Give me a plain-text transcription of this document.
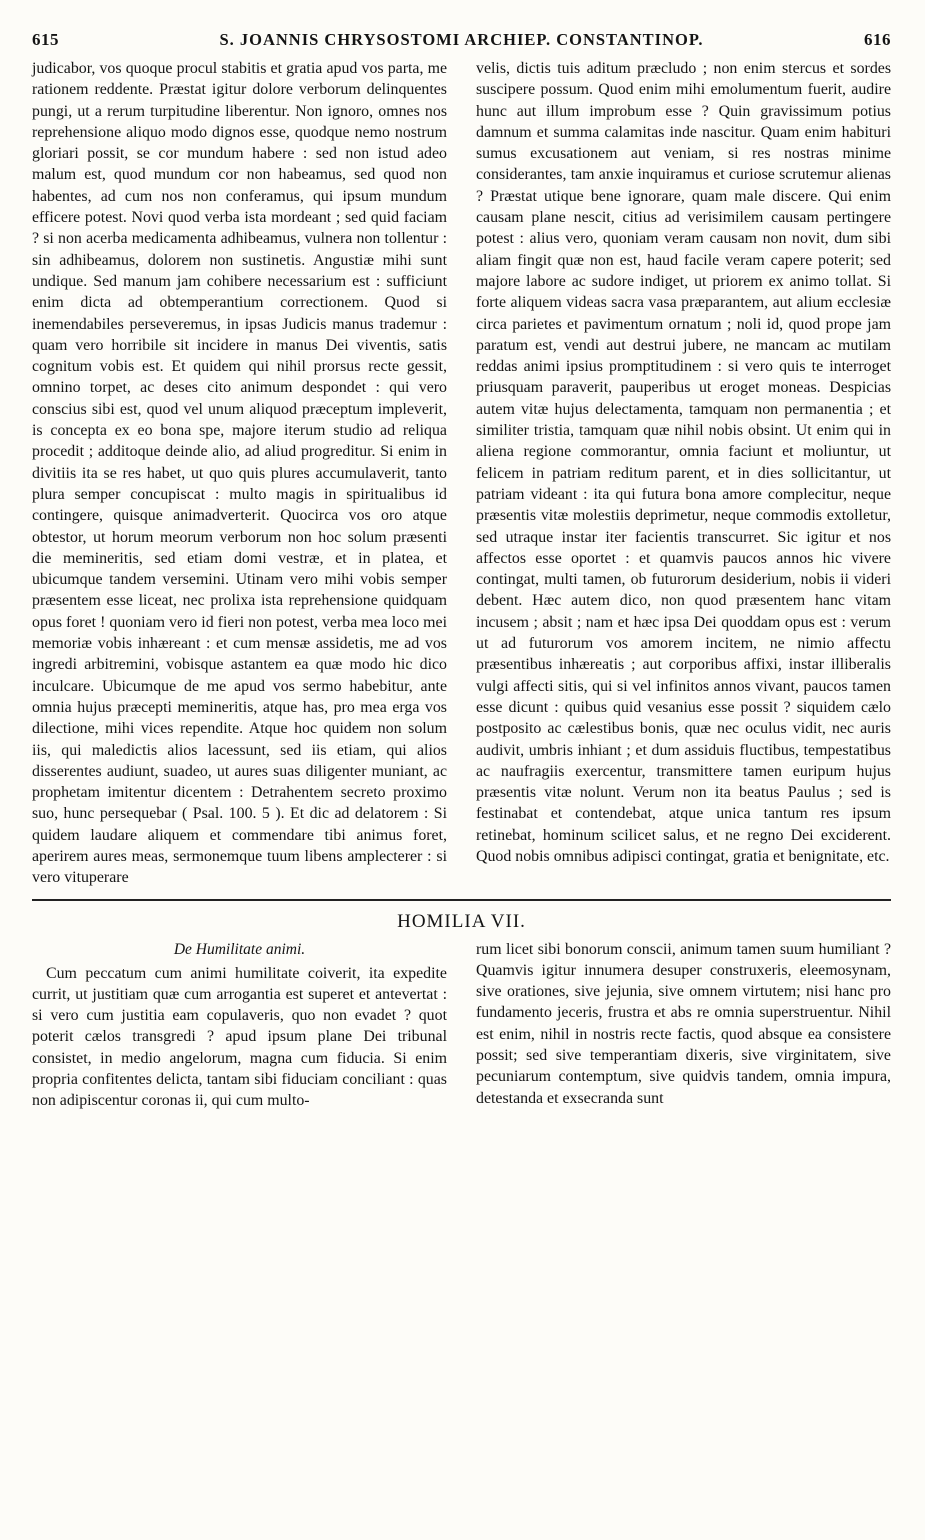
615	S. JOANNIS CHRYSOSTOMI ARCHIEP. CONSTANTINOP.	616

judicabor, vos quoque procul stabitis et gratia apud vos parta, me rationem reddente. Præstat igitur dolore verborum delinquentes pungi, ut a rerum turpitudine liberentur. Non ignoro, omnes nos reprehensione aliquo modo dignos esse, quodque nemo nostrum gloriari possit, se cor mundum habere : sed non istud adeo malum est, quod mundum cor non habeamus, sed quod non habentes, ad cum nos non conferamus, qui ipsum mundum efficere potest. Novi quod verba ista mordeant ; sed quid faciam ? si non acerba medicamenta adhibeamus, vulnera non tollentur : sin adhibeamus, dolorem non sustinetis. Angustiæ mihi sunt undique. Sed manum jam cohibere necessarium est : sufficiunt enim dicta ad obtemperantium correctionem. Quod si inemendabiles perseveremus, in ipsas Judicis manus trademur : quam vero horribile sit incidere in manus Dei viventis, satis cognitum vobis est. Et quidem qui nihil prorsus recte gessit, omnino torpet, ac deses cito animum despondet : qui vero conscius sibi est, quod vel unum aliquod præceptum impleverit, is concepta ex eo bona spe, majore iterum studio ad reliqua procedit ; additoque deinde alio, ad aliud progreditur. Si enim in divitiis ita se res habet, ut quo quis plures accumulaverit, tanto plura semper concupiscat : multo magis in spiritualibus id contingere, quisque animadverterit. Quocirca vos oro atque obtestor, ut horum meorum verborum non hoc solum præsenti die memineritis, sed etiam domi vestræ, et in platea, et ubicumque tandem versemini. Utinam vero mihi vobis semper præsentem esse liceat, nec prolixa ista reprehensione quidquam opus foret ! quoniam vero id fieri non potest, verba mea loco mei memoriæ vobis inhæreant : et cum mensæ assidetis, me ad vos ingredi arbitremini, vobisque astantem ea quæ modo hic dico inculcare. Ubicumque de me apud vos sermo habebitur, ante omnia hujus præcepti memineritis, atque has, pro mea erga vos dilectione, mihi vices rependite. Atque hoc quidem non solum iis, qui maledictis alios lacessunt, sed iis etiam, qui alios disserentes audiunt, suadeo, ut aures suas diligenter muniant, ac prophetam imitentur dicentem : Detrahentem secreto proximo suo, hunc persequebar ( Psal. 100. 5 ). Et dic ad delatorem : Si quidem laudare aliquem et commendare tibi animus foret, aperirem aures meas, sermonemque tuum libens amplecterer : si vero vituperare

velis, dictis tuis aditum præcludo ; non enim stercus et sordes suscipere possum. Quod enim mihi emolumentum fuerit, audire hunc aut illum improbum esse ? Quin gravissimum potius damnum et summa calamitas inde nascitur. Quam enim habituri sumus excusationem aut veniam, si res nostras minime considerantes, tam anxie inquiramus et curiose scrutemur alienas ? Præstat utique bene ignorare, quam male discere. Qui enim causam plane nescit, citius ad verisimilem causam pertingere potest : alius vero, quoniam veram causam non novit, dum sibi aliam fingit quæ non est, haud facile veram capere poterit; sed majore labore ac sudore indiget, ut priorem ex animo tollat. Si forte aliquem videas sacra vasa præparantem, aut alium ecclesiæ circa parietes et pavimentum ornatum ; noli id, quod prope jam paratum est, vendi aut destrui jubere, ne mancam ac mutilam reddas animi ipsius promptitudinem : si vero quis te interroget priusquam paraverit, pauperibus ut eroget moneas. Despicias autem vitæ hujus delectamenta, tamquam non permanentia ; et similiter tristia, tamquam quæ nihil nobis obsint. Ut enim qui in aliena regione commorantur, omnia faciunt et moliuntur, ut felicem in patriam reditum parent, et in dies sollicitantur, ut patriam videant : ita qui futura bona amore complecitur, neque præsentis vitæ molestiis deprimetur, neque commodis extolletur, sed utraque instar iter facientis transcurret. Sic igitur et nos affectos esse oportet : et quamvis paucos annos hic vivere contingat, multi tamen, ob futurorum desiderium, nobis ii videri debent. Hæc autem dico, non quod præsentem hanc vitam incusem ; absit ; nam et hæc ipsa Dei quoddam opus est : verum ut ad futurorum vos amorem incitem, ne nimio affectu præsentibus inhæreatis ; aut corporibus affixi, instar illiberalis vulgi affecti sitis, qui si vel infinitos annos vivant, paucos tamen esse dicunt : quibus quid vesanius esse possit ? siquidem cælo postposito ac cælestibus bonis, quæ nec oculus vidit, nec auris audivit, umbris inhiant ; et dum assiduis fluctibus, tempestatibus ac naufragiis exercentur, transmittere tamen euripum hujus præsentis vitæ nolunt. Verum non ita beatus Paulus ; sed is festinabat et contendebat, atque unica tantum res ipsum retinebat, hominum scilicet salus, et ne regno Dei exciderent. Quod nobis omnibus adipisci contingat, gratia et benignitate, etc.

HOMILIA VII.
De Humilitate animi.

Cum peccatum cum animi humilitate coiverit, ita expedite currit, ut justitiam quæ cum arrogantia est superet et antevertat : si vero cum justitia eam copulaveris, quo non evadet ? quot poterit cælos transgredi ? apud ipsum plane Dei tribunal consistet, in medio angelorum, magna cum fiducia. Si enim propria confitentes delicta, tantam sibi fiduciam conciliant : quas non adipiscentur coronas ii, qui cum multo-

rum licet sibi bonorum conscii, animum tamen suum humiliant ? Quamvis igitur innumera desuper construxeris, eleemosynam, sive orationes, sive jejunia, sive omnem virtutem; nisi hanc pro fundamento jeceris, frustra et abs re omnia superstruentur. Nihil est enim, nihil in nostris recte factis, quod absque ea consistere possit; sed sive temperantiam dixeris, sive virginitatem, sive pecuniarum contemptum, sive quidvis tandem, omnia impura, detestanda et exsecranda sunt
